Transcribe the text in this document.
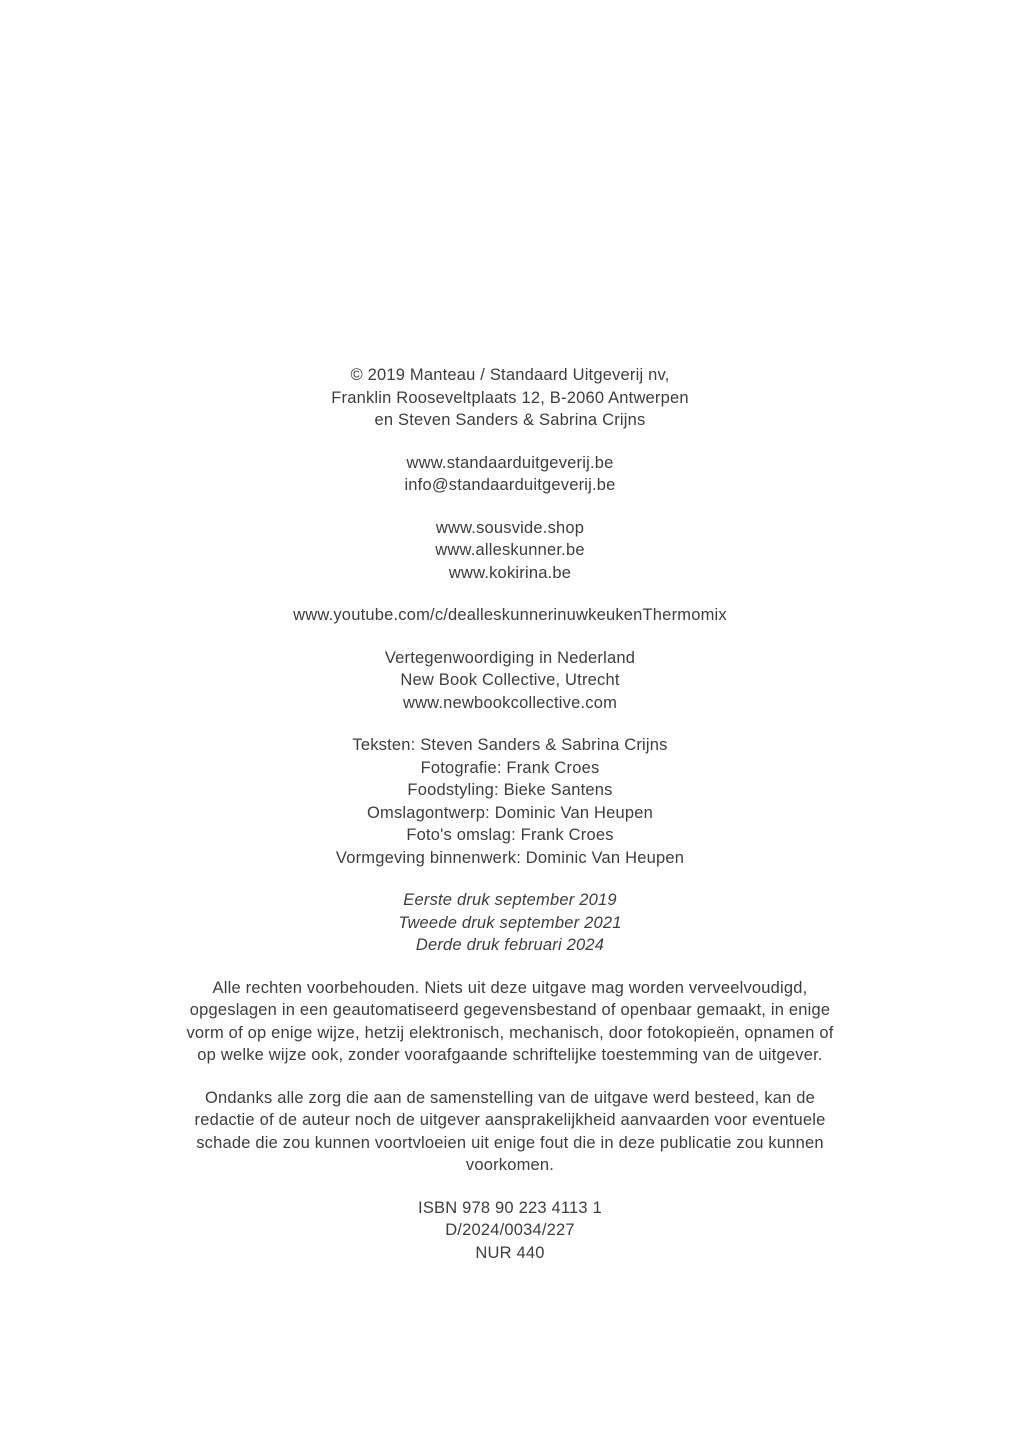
© 2019 Manteau / Standaard Uitgeverij nv,
Franklin Rooseveltplaats 12, B-2060 Antwerpen
en Steven Sanders & Sabrina Crijns
www.standaarduitgeverij.be
info@standaarduitgeverij.be
www.sousvide.shop
www.alleskunner.be
www.kokirina.be
www.youtube.com/c/dealleskunnerinuwkeukenThermomix
Vertegenwoordiging in Nederland
New Book Collective, Utrecht
www.newbookcollective.com
Teksten: Steven Sanders & Sabrina Crijns
Fotografie: Frank Croes
Foodstyling: Bieke Santens
Omslagontwerp: Dominic Van Heupen
Foto's omslag: Frank Croes
Vormgeving binnenwerk: Dominic Van Heupen
Eerste druk september 2019
Tweede druk september 2021
Derde druk februari 2024

Alle rechten voorbehouden. Niets uit deze uitgave mag worden verveelvoudigd, opgeslagen in een geautomatiseerd gegevensbestand of openbaar gemaakt, in enige vorm of op enige wijze, hetzij elektronisch, mechanisch, door fotokopieën, opnamen of op welke wijze ook, zonder voorafgaande schriftelijke toestemming van de uitgever.

Ondanks alle zorg die aan de samenstelling van de uitgave werd besteed, kan de redactie of de auteur noch de uitgever aansprakelijkheid aanvaarden voor eventuele schade die zou kunnen voortvloeien uit enige fout die in deze publicatie zou kunnen voorkomen.

ISBN 978 90 223 4113 1
D/2024/0034/227
NUR 440
